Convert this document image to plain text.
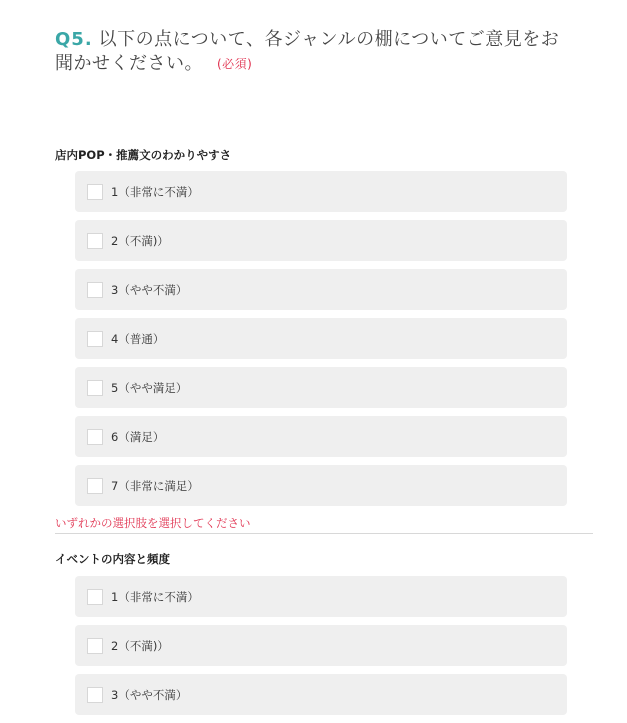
Q5. 以下の点について、各ジャンルの棚についてご意見をお聞かせください。 (必須)
店内POP・推薦文のわかりやすさ
1（非常に不満）
2（不満)）
3（やや不満）
4（普通）
5（やや満足）
6（満足）
7（非常に満足）
いずれかの選択肢を選択してください
イベントの内容と頻度
1（非常に不満）
2（不満)）
3（やや不満）
